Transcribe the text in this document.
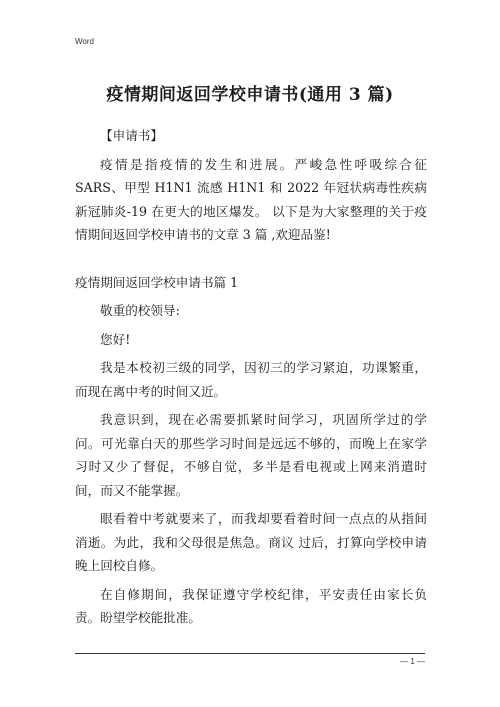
Word
疫情期间返回学校申请书(通用 3 篇)

【申请书】

疫情是指疫情的发生和进展。严峻急性呼吸综合征 SARS、甲型 H1N1 流感 H1N1 和 2022 年冠状病毒性疾病新冠肺炎-19 在更大的地区爆发。 以下是为大家整理的关于疫情期间返回学校申请书的文章 3 篇 ,欢迎品鉴!

疫情期间返回学校申请书篇 1

敬重的校领导:

您好!

我是本校初三级的同学，因初三的学习紧迫，功课繁重，而现在离中考的时间又近。

我意识到，现在必需要抓紧时间学习，巩固所学过的学问。可光靠白天的那些学习时间是远远不够的，而晚上在家学习时又少了督促，不够自觉，多半是看电视或上网来消遣时间，而又不能掌握。

眼看着中考就要来了，而我却要看着时间一点点的从指间消逝。为此，我和父母很是焦急。商议 过后，打算向学校申请晚上回校自修。

在自修期间，我保证遵守学校纪律，平安责任由家长负责。盼望学校能批准。

— 1 —
